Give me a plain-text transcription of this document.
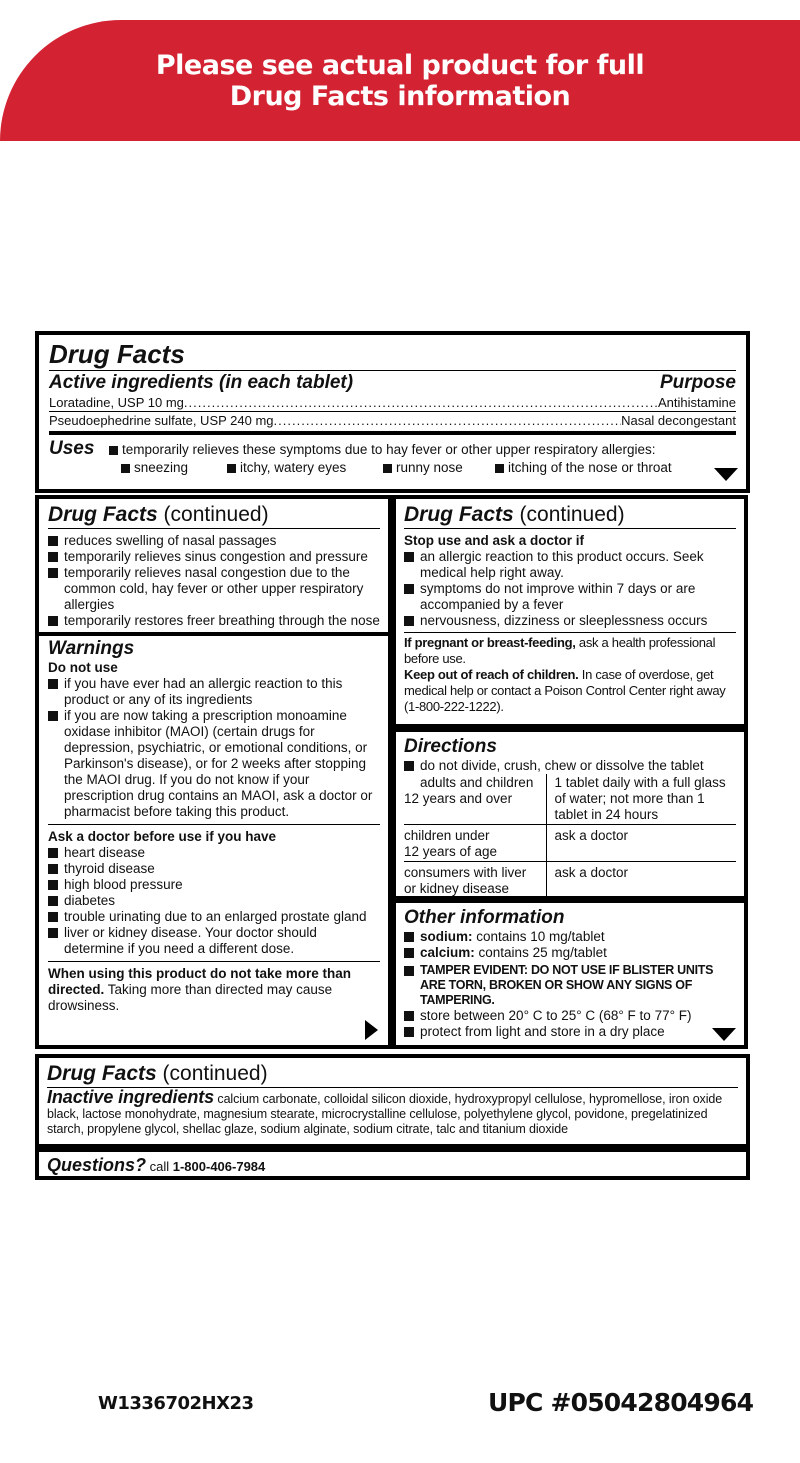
Please see actual product for full
Drug Facts information
Drug Facts
Active ingredients (in each tablet)	Purpose
Loratadine, USP 10 mg .....	Antihistamine
Pseudoephedrine sulfate, USP 240 mg .....	Nasal decongestant
Uses	temporarily relieves these symptoms due to hay fever or other upper respiratory allergies:
sneezing	itchy, watery eyes	runny nose	itching of the nose or throat
Drug Facts (continued)
reduces swelling of nasal passages
temporarily relieves sinus congestion and pressure
temporarily relieves nasal congestion due to the common cold, hay fever or other upper respiratory allergies
temporarily restores freer breathing through the nose
Warnings
Do not use
if you have ever had an allergic reaction to this product or any of its ingredients
if you are now taking a prescription monoamine oxidase inhibitor (MAOI) (certain drugs for depression, psychiatric, or emotional conditions, or Parkinson's disease), or for 2 weeks after stopping the MAOI drug. If you do not know if your prescription drug contains an MAOI, ask a doctor or pharmacist before taking this product.
Ask a doctor before use if you have
heart disease
thyroid disease
high blood pressure
diabetes
trouble urinating due to an enlarged prostate gland
liver or kidney disease. Your doctor should determine if you need a different dose.
When using this product do not take more than directed. Taking more than directed may cause drowsiness.
Drug Facts (continued)
Stop use and ask a doctor if
an allergic reaction to this product occurs. Seek medical help right away.
symptoms do not improve within 7 days or are accompanied by a fever
nervousness, dizziness or sleeplessness occurs
If pregnant or breast-feeding, ask a health professional before use.
Keep out of reach of children. In case of overdose, get medical help or contact a Poison Control Center right away (1-800-222-1222).
Directions
do not divide, crush, chew or dissolve the tablet
adults and children
12 years and over	1 tablet daily with a full glass of water; not more than 1 tablet in 24 hours

children under
12 years of age	ask a doctor

consumers with liver
or kidney disease	ask a doctor
Other information
sodium: contains 10 mg/tablet
calcium: contains 25 mg/tablet
TAMPER EVIDENT: DO NOT USE IF BLISTER UNITS ARE TORN, BROKEN OR SHOW ANY SIGNS OF TAMPERING.
store between 20° C to 25° C (68° F to 77° F)
protect from light and store in a dry place
Drug Facts (continued)
Inactive ingredients calcium carbonate, colloidal silicon dioxide, hydroxypropyl cellulose, hypromellose, iron oxide black, lactose monohydrate, magnesium stearate, microcrystalline cellulose, polyethylene glycol, povidone, pregelatinized starch, propylene glycol, shellac glaze, sodium alginate, sodium citrate, talc and titanium dioxide
Questions? call 1-800-406-7984
W1336702HX23	UPC #05042804964
